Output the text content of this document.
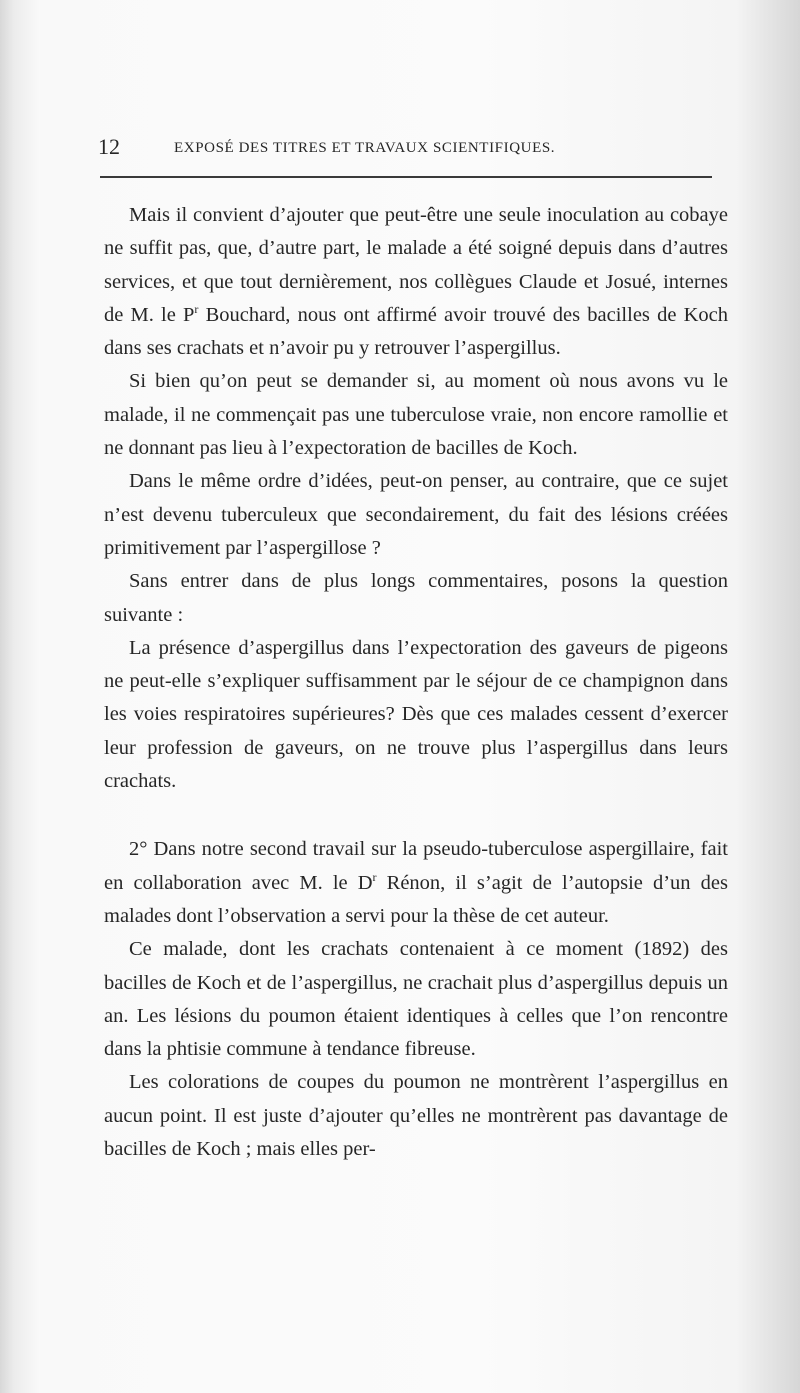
12	EXPOSÉ DES TITRES ET TRAVAUX SCIENTIFIQUES.

Mais il convient d’ajouter que peut-être une seule inoculation au cobaye ne suffit pas, que, d’autre part, le malade a été soigné depuis dans d’autres services, et que tout dernièrement, nos collègues Claude et Josué, internes de M. le $P^r$ Bouchard, nous ont affirmé avoir trouvé des bacilles de Koch dans ses crachats et n’avoir pu y retrouver l’aspergillus.

Si bien qu’on peut se demander si, au moment où nous avons vu le malade, il ne commençait pas une tuberculose vraie, non encore ramollie et ne donnant pas lieu à l’expectoration de bacilles de Koch.

Dans le même ordre d’idées, peut-on penser, au contraire, que ce sujet n’est devenu tuberculeux que secondairement, du fait des lésions créées primitivement par l’aspergillose ?

Sans entrer dans de plus longs commentaires, posons la question suivante :

La présence d’aspergillus dans l’expectoration des gaveurs de pigeons ne peut-elle s’expliquer suffisamment par le séjour de ce champignon dans les voies respiratoires supérieures? Dès que ces malades cessent d’exercer leur profession de gaveurs, on ne trouve plus l’aspergillus dans leurs crachats.

2° Dans notre second travail sur la pseudo-tuberculose aspergillaire, fait en collaboration avec M. le $D^r$ Rénon, il s’agit de l’autopsie d’un des malades dont l’observation a servi pour la thèse de cet auteur.

Ce malade, dont les crachats contenaient à ce moment (1892) des bacilles de Koch et de l’aspergillus, ne crachait plus d’aspergillus depuis un an. Les lésions du poumon étaient identiques à celles que l’on rencontre dans la phtisie commune à tendance fibreuse.

Les colorations de coupes du poumon ne montrèrent l’aspergillus en aucun point. Il est juste d’ajouter qu’elles ne montrèrent pas davantage de bacilles de Koch ; mais elles per-
